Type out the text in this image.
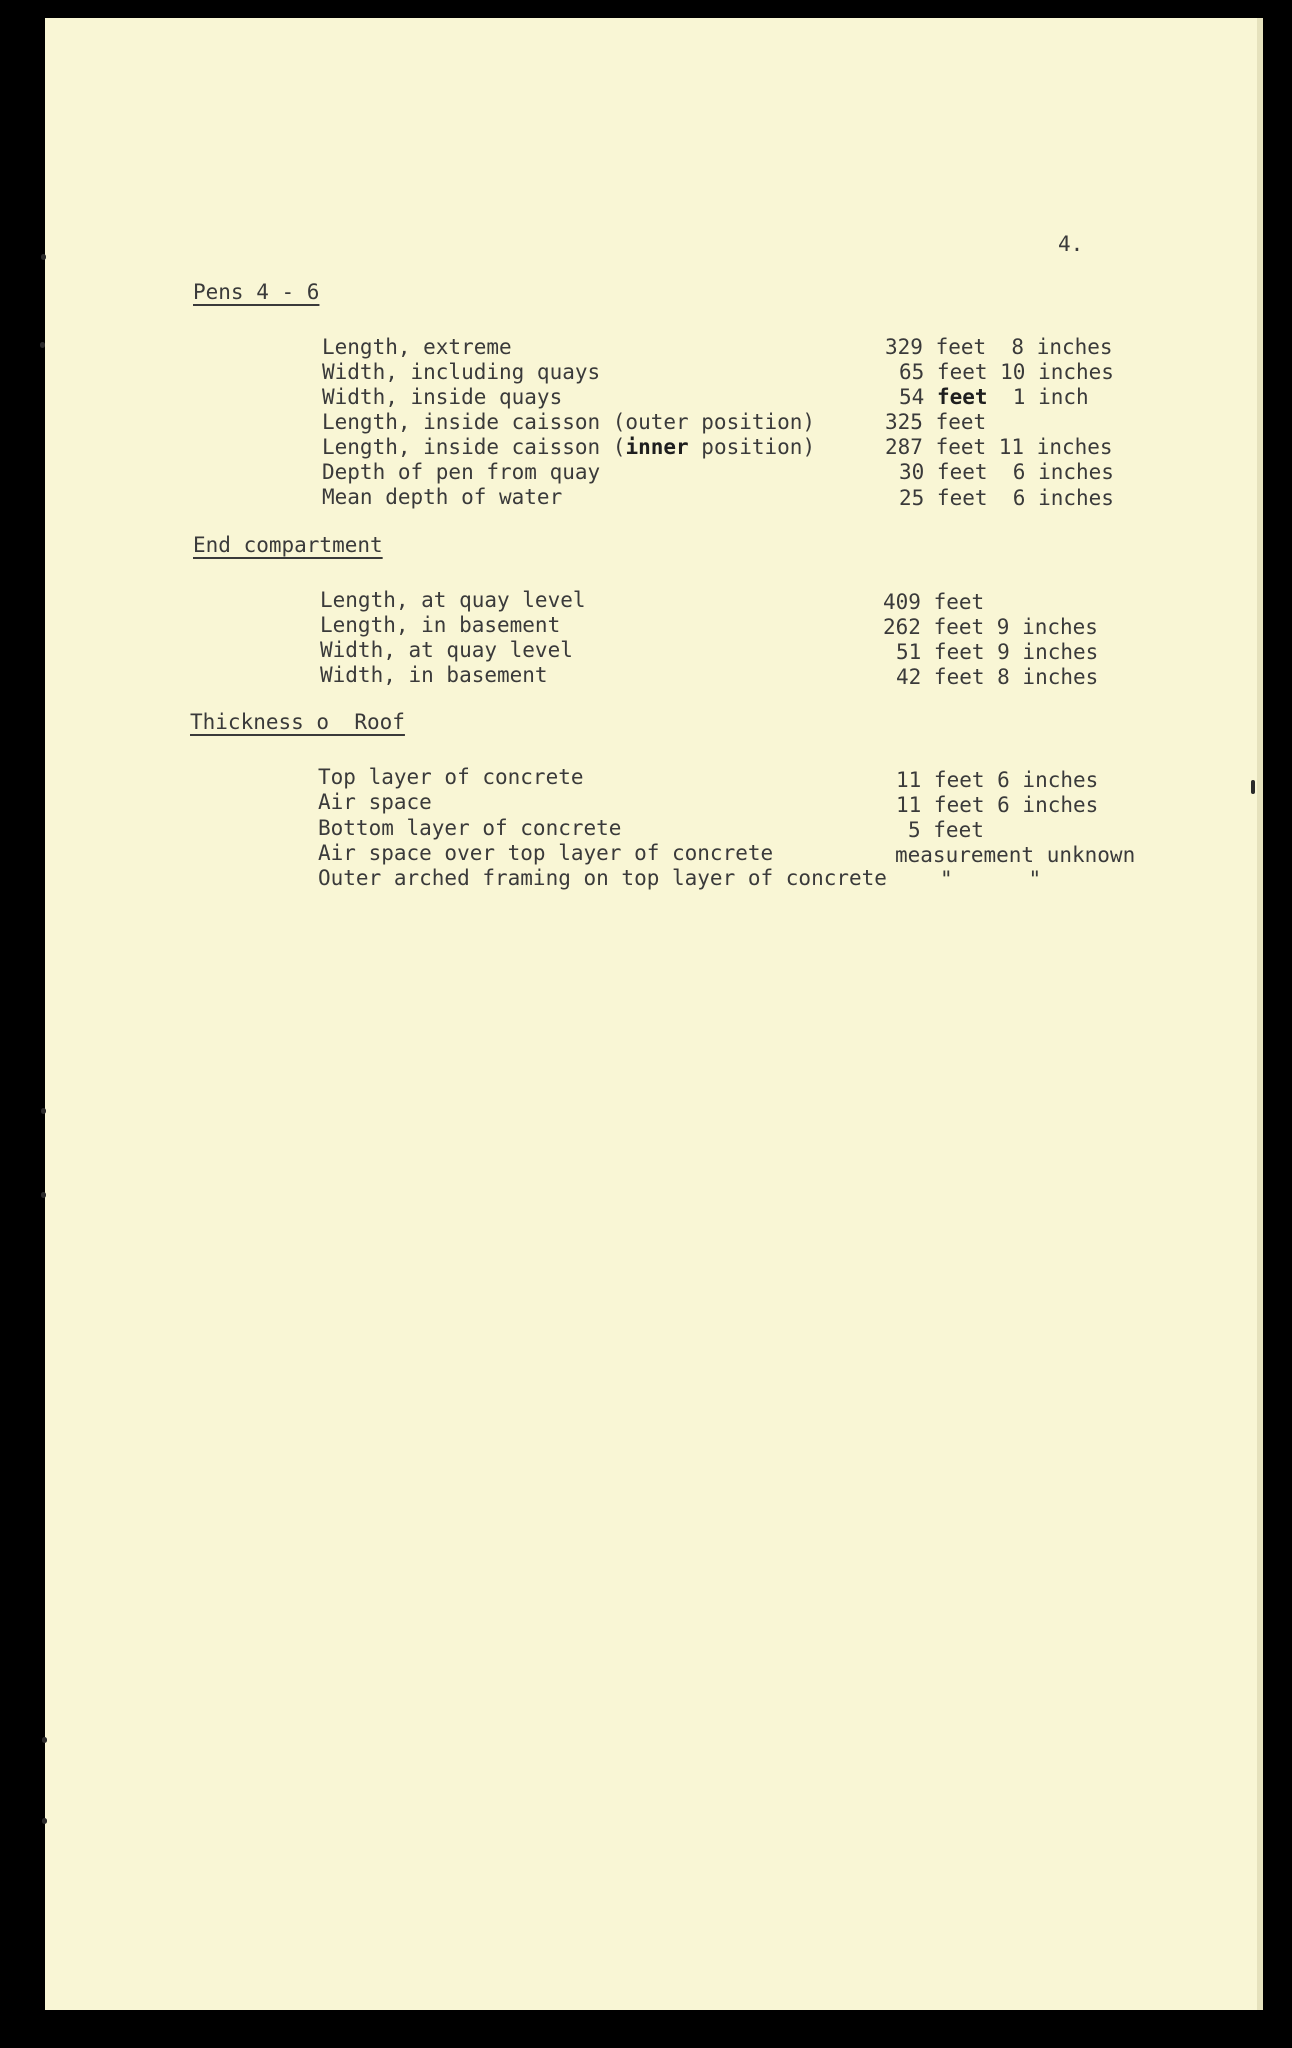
4.
Pens 4 - 6
Length, extreme	329 feet  8 inches
Width, including quays	65 feet 10 inches
Width, inside quays	54 feet  1 inch
Length, inside caisson (outer position)	325 feet
Length, inside caisson (inner position)	287 feet 11 inches
Depth of pen from quay	30 feet  6 inches
Mean depth of water	25 feet  6 inches
End compartment
Length, at quay level	409 feet
Length, in basement	262 feet 9 inches
Width, at quay level	51 feet 9 inches
Width, in basement	42 feet 8 inches
Thickness o  Roof
Top layer of concrete	11 feet 6 inches
Air space	11 feet 6 inches
Bottom layer of concrete	5 feet
Air space over top layer of concrete	measurement unknown
Outer arched framing on top layer of concrete	"      "
